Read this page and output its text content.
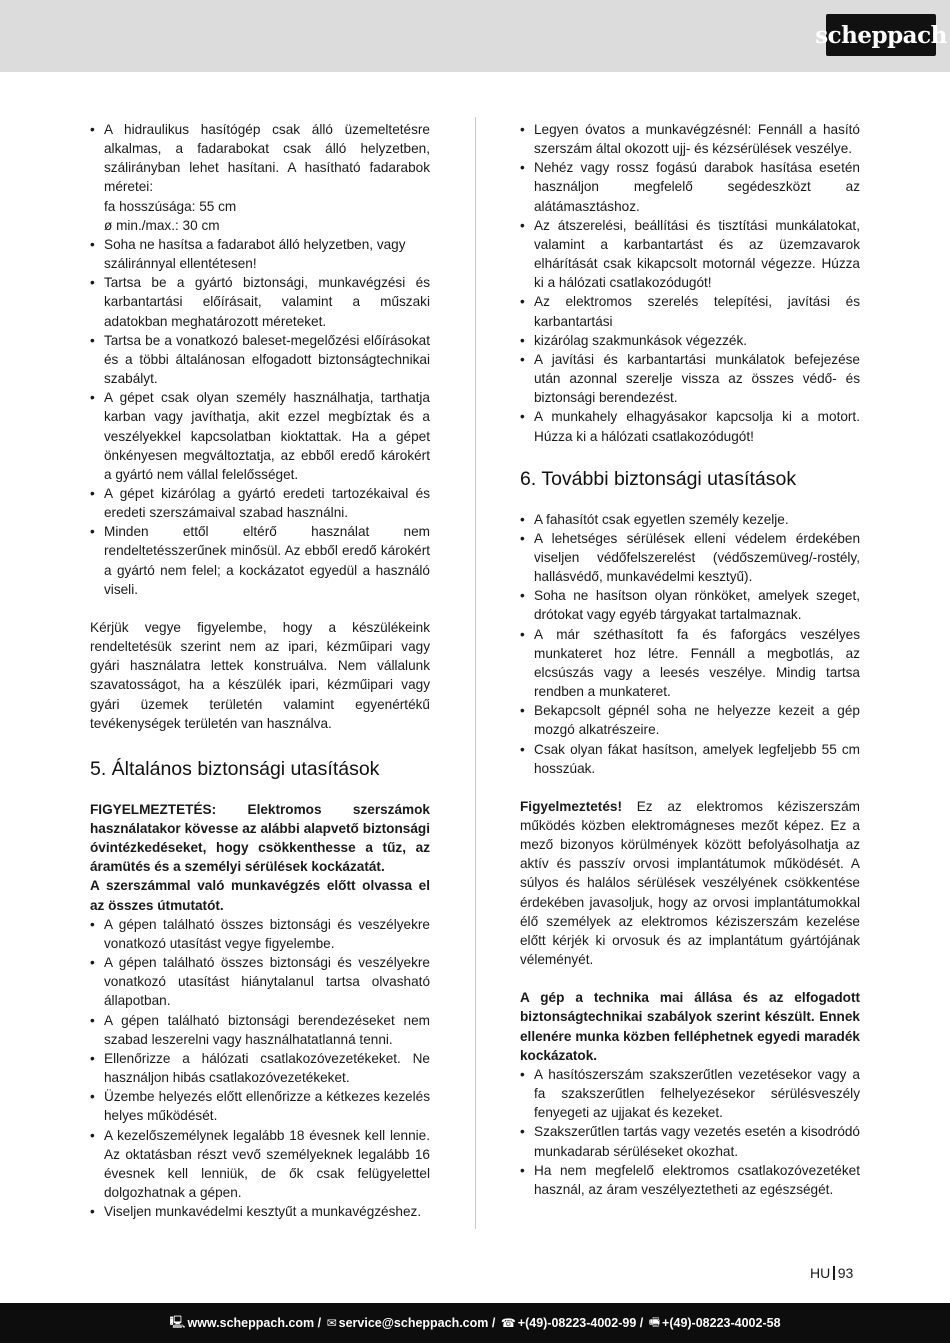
scheppach
• A hidraulikus hasítógép csak álló üzemeltetésre alkalmas, a fadarabokat csak álló helyzetben, szálirányban lehet hasítani. A hasítható fadarabok méretei:
fa hosszúsága: 55 cm
ø min./max.: 30 cm
• Soha ne hasítsa a fadarabot álló helyzetben, vagy száliránnyal ellentétesen!
• Tartsa be a gyártó biztonsági, munkavégzési és karbantartási előírásait, valamint a műszaki adatokban meghatározott méreteket.
• Tartsa be a vonatkozó baleset-megelőzési előírásokat és a többi általánosan elfogadott biztonságtechnikai szabályt.
• A gépet csak olyan személy használhatja, tarthatja karban vagy javíthatja, akit ezzel megbíztak és a veszélyekkel kapcsolatban kioktattak. Ha a gépet önkényesen megváltoztatja, az ebből eredő károkért a gyártó nem vállal felelősséget.
• A gépet kizárólag a gyártó eredeti tartozékaival és eredeti szerszámaival szabad használni.
• Minden ettől eltérő használat nem rendeltetésszerűnek minősül. Az ebből eredő károkért a gyártó nem felel; a kockázatot egyedül a használó viseli.

Kérjük vegye figyelembe, hogy a készülékeink rendeltetésük szerint nem az ipari, kézműipari vagy gyári használatra lettek konstruálva. Nem vállalunk szavatosságot, ha a készülék ipari, kézműipari vagy gyári üzemek területén valamint egyenértékű tevékenységek területén van használva.

5. Általános biztonsági utasítások

FIGYELMEZTETÉS: Elektromos szerszámok használatakor kövesse az alábbi alapvető biztonsági óvintézkedéseket, hogy csökkenthesse a tűz, az áramütés és a személyi sérülések kockázatát.

A szerszámmal való munkavégzés előtt olvassa el az összes útmutatót.

• A gépen található összes biztonsági és veszélyekre vonatkozó utasítást vegye figyelembe.
• A gépen található összes biztonsági és veszélyekre vonatkozó utasítást hiánytalanul tartsa olvasható állapotban.
• A gépen található biztonsági berendezéseket nem szabad leszerelni vagy használhatatlanná tenni.
• Ellenőrizze a hálózati csatlakozóvezetékeket. Ne használjon hibás csatlakozóvezetékeket.
• Üzembe helyezés előtt ellenőrizze a kétkezes kezelés helyes működését.
• A kezelőszemélynek legalább 18 évesnek kell lennie. Az oktatásban részt vevő személyeknek legalább 16 évesnek kell lenniük, de ők csak felügyelettel dolgozhatnak a gépen.
• Viseljen munkavédelmi kesztyűt a munkavégzéshez.
• Legyen óvatos a munkavégzésnél: Fennáll a hasító szerszám által okozott ujj- és kézsérülések veszélye.
• Nehéz vagy rossz fogású darabok hasítása esetén használjon megfelelő segédeszközt az alátámasztáshoz.
• Az átszerelési, beállítási és tisztítási munkálatokat, valamint a karbantartást és az üzemzavarok elhárítását csak kikapcsolt motornál végezze. Húzza ki a hálózati csatlakozódugót!
• Az elektromos szerelés telepítési, javítási és karbantartási
• kizárólag szakmunkások végezzék.
• A javítási és karbantartási munkálatok befejezése után azonnal szerelje vissza az összes védő- és biztonsági berendezést.
• A munkahely elhagyásakor kapcsolja ki a motort. Húzza ki a hálózati csatlakozódugót!
6. További biztonsági utasítások
• A fahasítót csak egyetlen személy kezelje.
• A lehetséges sérülések elleni védelem érdekében viseljen védőfelszerelést (védőszemüveg/-rostély, hallásvédő, munkavédelmi kesztyű).
• Soha ne hasítson olyan rönköket, amelyek szeget, drótokat vagy egyéb tárgyakat tartalmaznak.
• A már széthasított fa és faforgács veszélyes munkateret hoz létre. Fennáll a megbotlás, az elcsúszás vagy a leesés veszélye. Mindig tartsa rendben a munkateret.
• Bekapcsolt gépnél soha ne helyezze kezeit a gép mozgó alkatrészeire.
• Csak olyan fákat hasítson, amelyek legfeljebb 55 cm hosszúak.

Figyelmeztetés! Ez az elektromos kéziszerszám működés közben elektromágneses mezőt képez. Ez a mező bizonyos körülmények között befolyásolhatja az aktív és passzív orvosi implantátumok működését. A súlyos és halálos sérülések veszélyének csökkentése érdekében javasoljuk, hogy az orvosi implantátumokkal élő személyek az elektromos kéziszerszám kezelése előtt kérjék ki orvosuk és az implantátum gyártójának véleményét.

A gép a technika mai állása és az elfogadott biztonságtechnikai szabályok szerint készült. Ennek ellenére munka közben felléphetnek egyedi maradék kockázatok.

• A hasítószerszám szakszerűtlen vezetésekor vagy a fa szakszerűtlen felhelyezésekor sérülésveszély fenyegeti az ujjakat és kezeket.
• Szakszerűtlen tartás vagy vezetés esetén a kisodródó munkadarab sérüléseket okozhat.
• Ha nem megfelelő elektromos csatlakozóvezetéket használ, az áram veszélyeztetheti az egészségét.
HU 93
🖳 www.scheppach.com /
✉ service@scheppach.com /
☎ +(49)-08223-4002-99 /
🖷 +(49)-08223-4002-58
